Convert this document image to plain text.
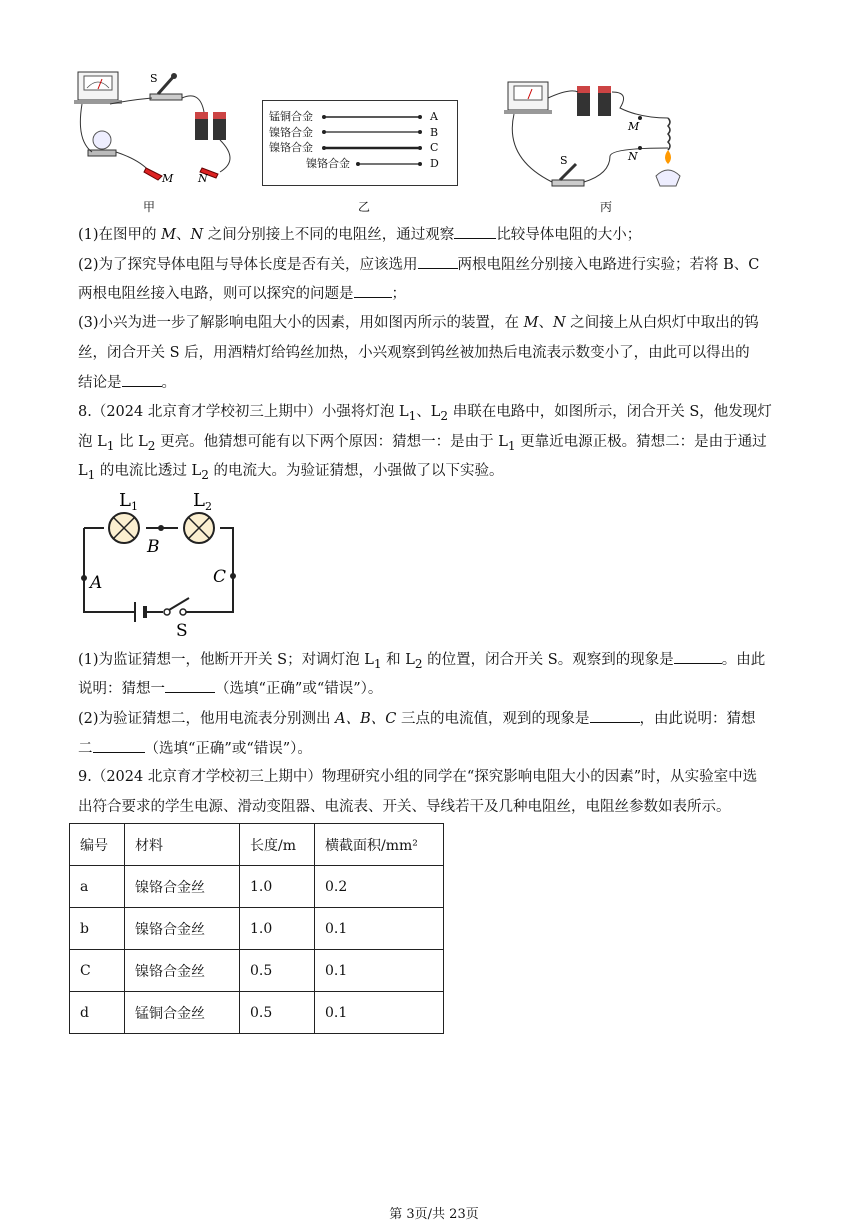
S
M N
甲
锰铜合金
镍铬合金
镍铬合金
镍铬合金
A
B
C
D
乙
S
M
N
丙
(1)在图甲的 M、N 之间分别接上不同的电阻丝，通过观察	比较导体电阻的大小；
(2)为了探究导体电阻与导体长度是否有关，应该选用	两根电阻丝分别接入电路进行实验；若将 B、C
两根电阻丝接入电路，则可以探究的问题是	；
(3)小兴为进一步了解影响电阻大小的因素，用如图丙所示的装置，在 M、N 之间接上从白炽灯中取出的钨
丝，闭合开关 S 后，用酒精灯给钨丝加热，小兴观察到钨丝被加热后电流表示数变小了，由此可以得出的
结论是	。
8.（2024 北京育才学校初三上期中）小强将灯泡 $L_1$、$L_2$ 串联在电路中，如图所示，闭合开关 S，他发现灯
泡 $L_1$ 比 $L_2$ 更亮。他猜想可能有以下两个原因：猜想一：是由于 $L_1$ 更靠近电源正极。猜想二：是由于通过
$L_1$ 的电流比透过 $L_2$ 的电流大。为验证猜想，小强做了以下实验。
$L_1$	$L_2$
B
A	C
S
(1)为监证猜想一，他断开开关 S；对调灯泡 $L_1$ 和 $L_2$ 的位置，闭合开关 S。观察到的现象是	。由此
说明：猜想一	（选填“正确”或“错误”）。
(2)为验证猜想二，他用电流表分别测出 A、B、C 三点的电流值，观到的现象是	，由此说明：猜想
二	（选填“正确”或“错误”）。
9.（2024 北京育才学校初三上期中）物理研究小组的同学在“探究影响电阻大小的因素”时，从实验室中选
出符合要求的学生电源、滑动变阻器、电流表、开关、导线若干及几种电阻丝，电阻丝参数如表所示。
编号	材料	长度/m	横截面积/mm²
a	镍铬合金丝	1.0	0.2
b	镍铬合金丝	1.0	0.1
C	镍铬合金丝	0.5	0.1
d	锰铜合金丝	0.5	0.1
第 3页/共 23页
